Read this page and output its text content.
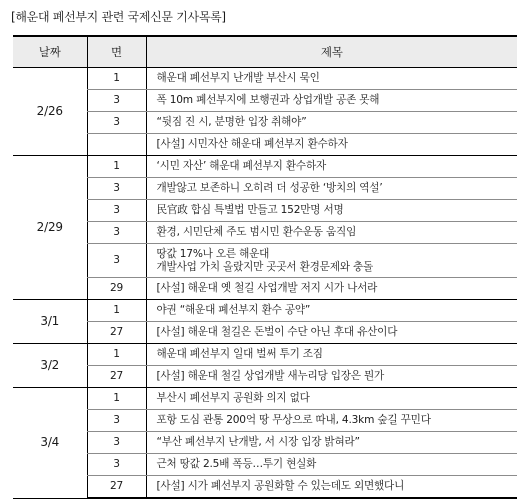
[해운대 폐선부지 관련 국제신문 기사목록]
날짜	면	제목
2/26	1	해운대 폐선부지 난개발 부산시 묵인
	3	폭 10m 폐선부지에 보행권과 상업개발 공존 못해
	3	“뒷짐 진 시, 분명한 입장 취해야”
		[사설] 시민자산 해운대 폐선부지 환수하자
2/29	1	‘시민 자산’ 해운대 폐선부지 환수하자
	3	개발않고 보존하니 오히려 더 성공한 ‘방치의 역설’
	3	民官政 합심 특별법 만들고 152만명 서명
	3	환경, 시민단체 주도 범시민 환수운동 움직임
	3	땅값 17%나 오른 해운대
개발사업 가치 올랐지만 곳곳서 환경문제와 충돌

	29	[사설] 해운대 옛 철길 사업개발 저지 시가 나서라
3/1	1	야권 “해운대 폐선부지 환수 공약”
	27	[사설] 해운대 철길은 돈벌이 수단 아닌 후대 유산이다
3/2	1	해운대 폐선부지 일대 벌써 투기 조짐
	27	[사설] 해운대 철길 상업개발 새누리당 입장은 뭔가
3/4	1	부산시 폐선부지 공원화 의지 없다
	3	포항 도심 관통 200억 땅 무상으로 따내, 4.3km 숲길 꾸민다
	3	“부산 폐선부지 난개발, 서 시장 입장 밝혀라”
	3	근처 땅값 2.5배 폭등…투기 현실화
	27	[사설] 시가 폐선부지 공원화할 수 있는데도 외면했다니
